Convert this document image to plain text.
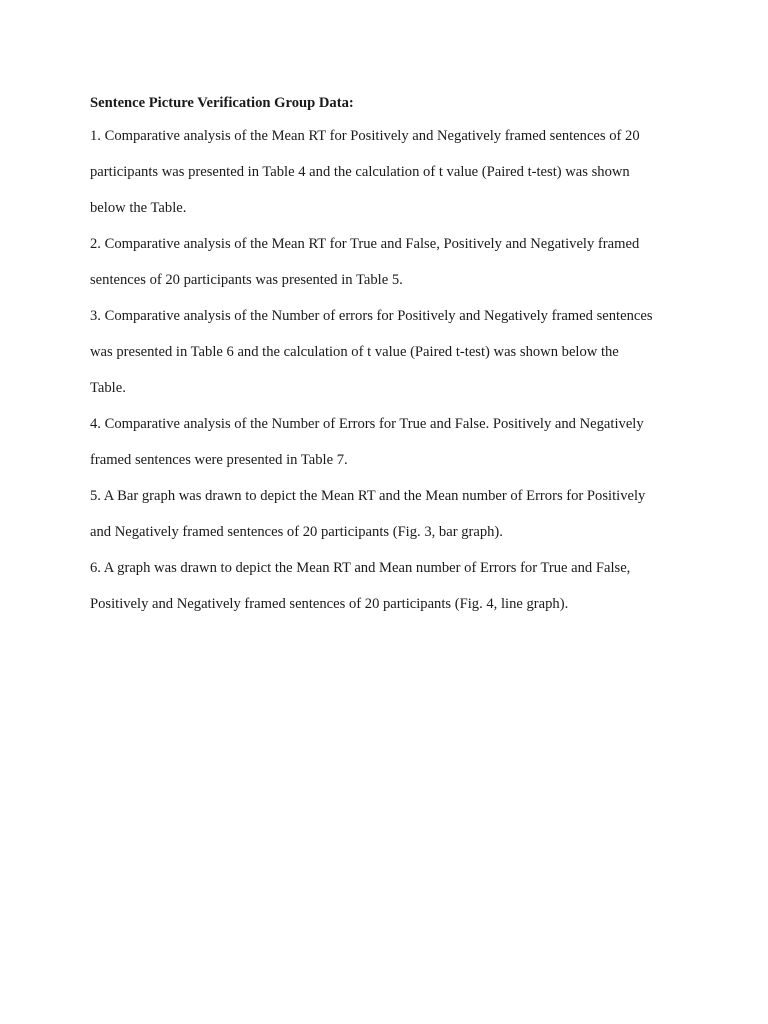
Sentence Picture Verification Group Data:

1. Comparative analysis of the Mean RT for Positively and Negatively framed sentences of 20
participants was presented in Table 4 and the calculation of t value (Paired t-test) was shown
below the Table.

2. Comparative analysis of the Mean RT for True and False, Positively and Negatively framed
sentences of 20 participants was presented in Table 5.

3. Comparative analysis of the Number of errors for Positively and Negatively framed sentences
was presented in Table 6 and the calculation of t value (Paired t-test) was shown below the
Table.

4. Comparative analysis of the Number of Errors for True and False. Positively and Negatively
framed sentences were presented in Table 7.

5. A Bar graph was drawn to depict the Mean RT and the Mean number of Errors for Positively
and Negatively framed sentences of 20 participants (Fig. 3, bar graph).

6. A graph was drawn to depict the Mean RT and Mean number of Errors for True and False,
Positively and Negatively framed sentences of 20 participants (Fig. 4, line graph).
